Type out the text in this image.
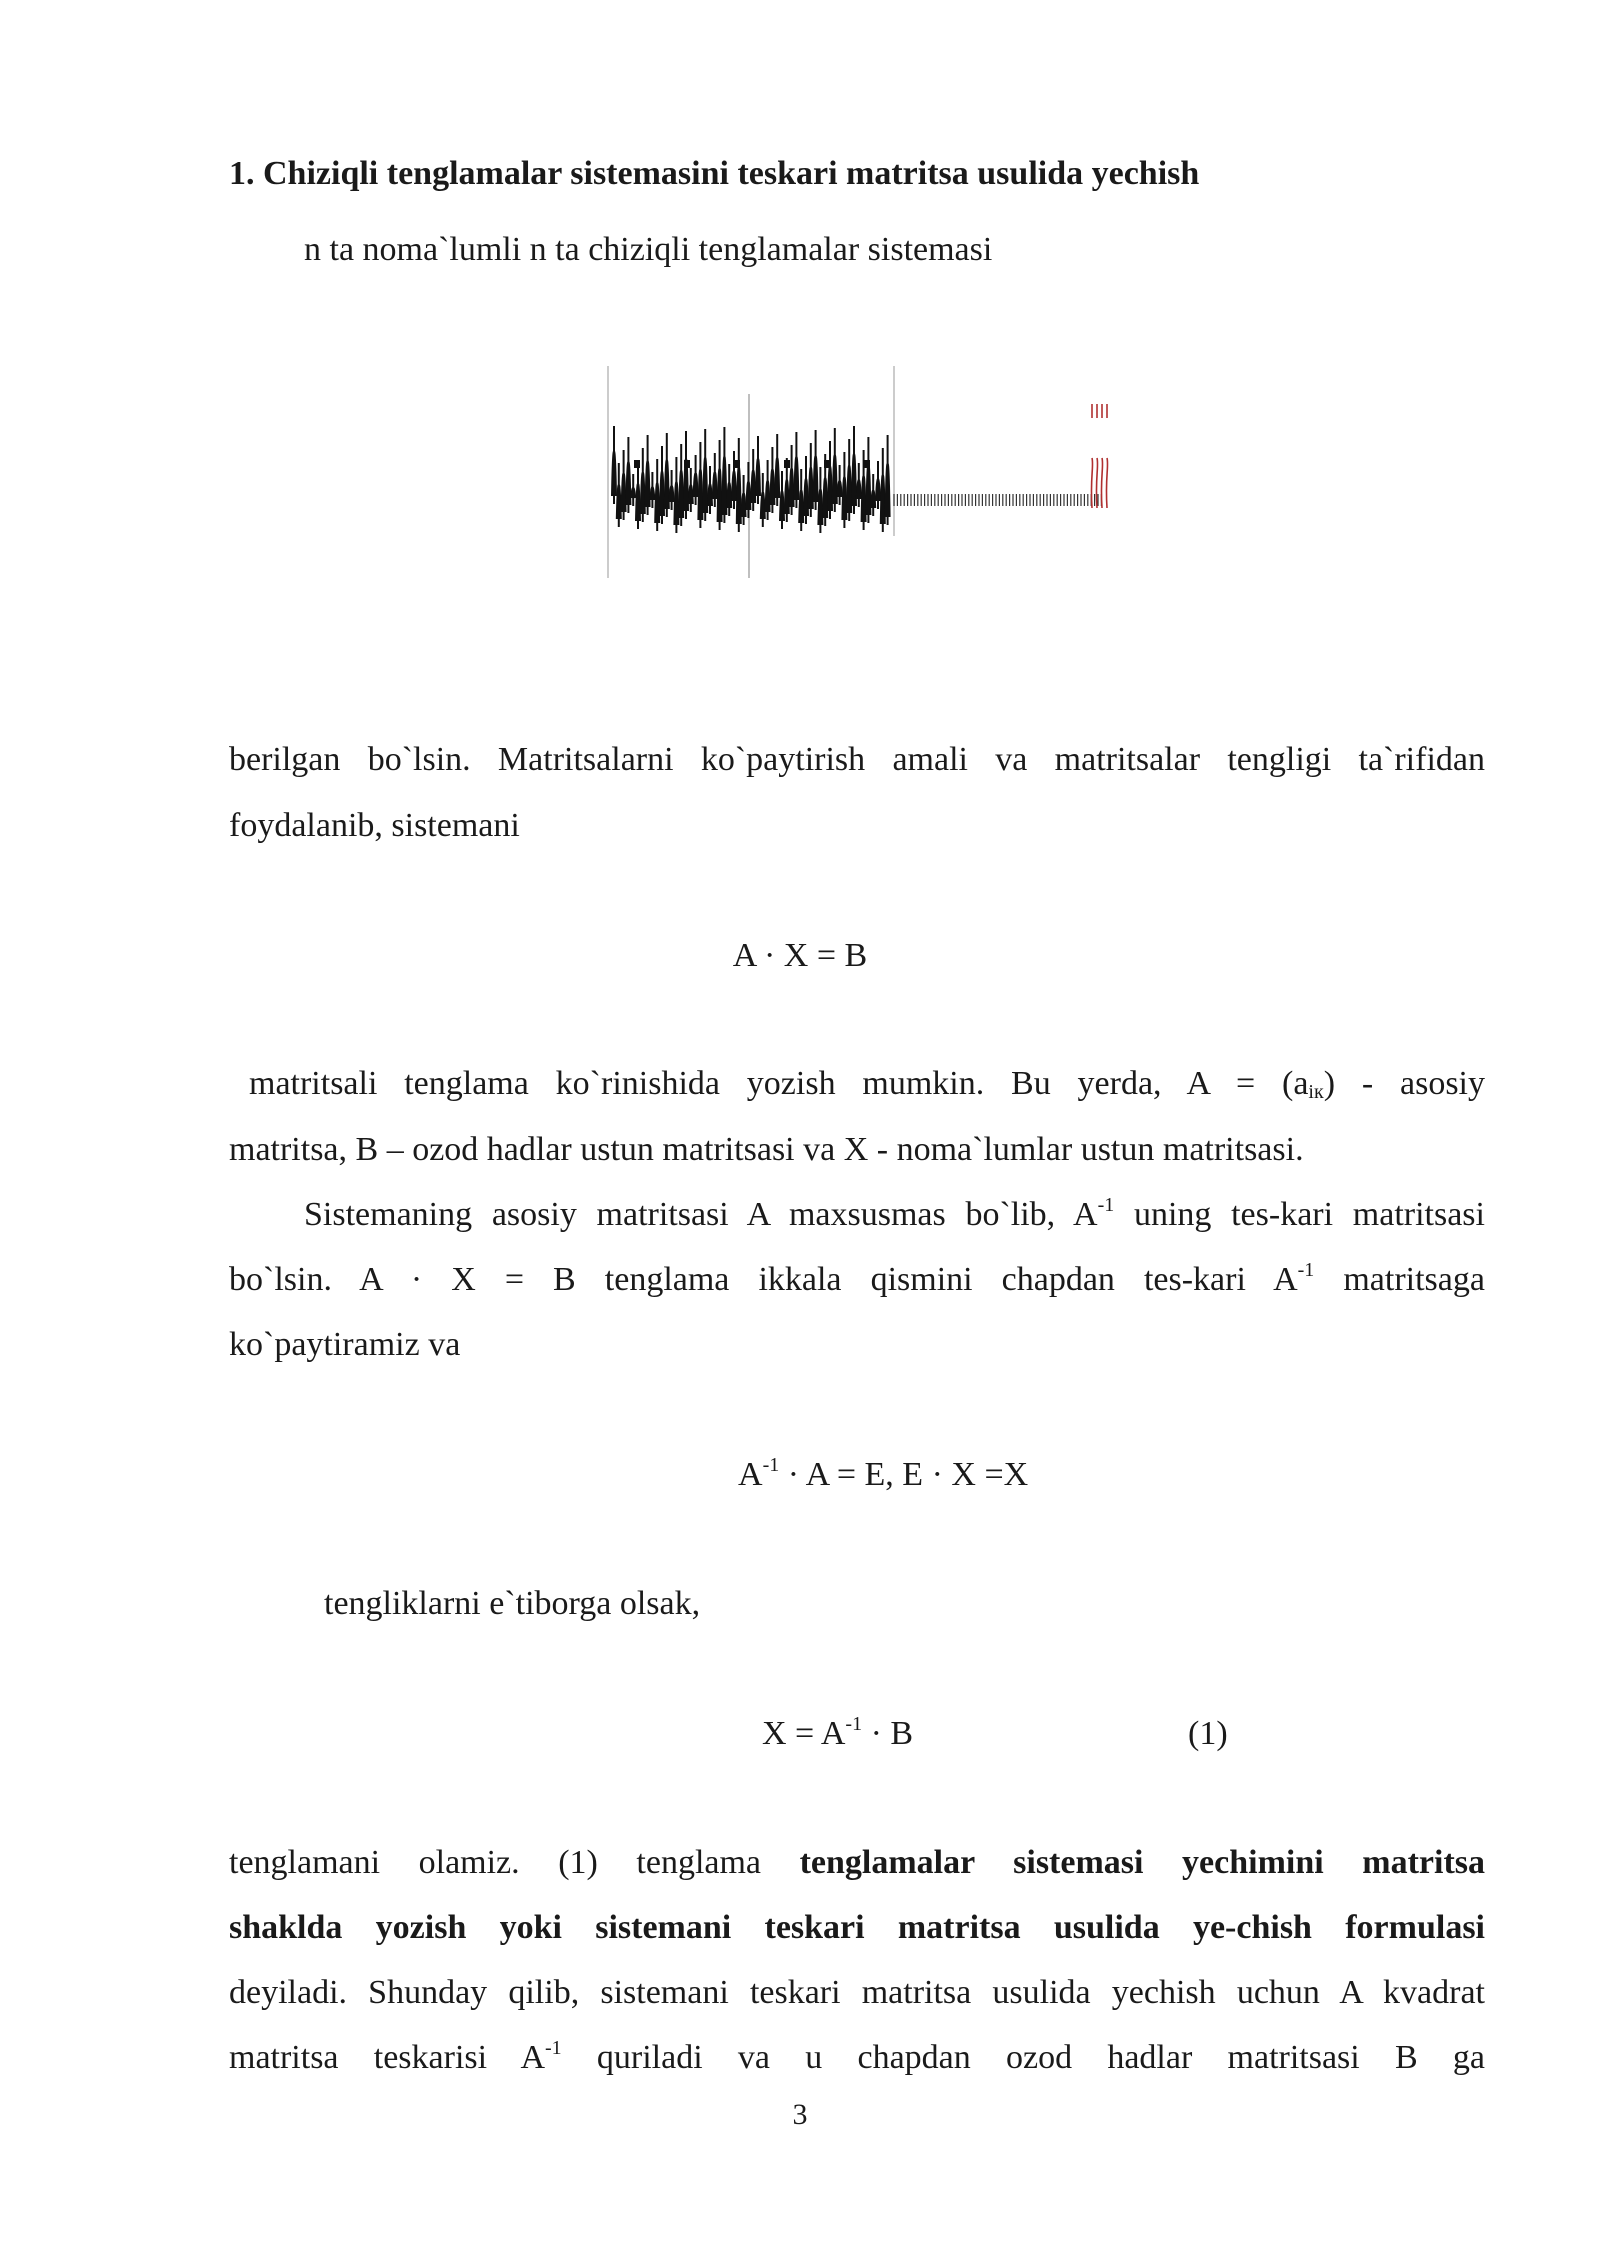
1. Chiziqli tenglamalar sistemasini teskari matritsa usulida yechish
n ta noma`lumli n ta chiziqli tenglamalar sistemasi
berilgan bo`lsin. Matritsalarni ko`paytirish amali va matritsalar tengligi ta`rifidan
foydalanib, sistemani
A · X = B
matritsali tenglama ko`rinishida yozish mumkin. Bu yerda, $A = (a_{iк})$ - asosiy
matritsa, B – ozod hadlar ustun matritsasi va X - noma`lumlar ustun matritsasi.
Sistemaning asosiy matritsasi A maxsusmas bo`lib, $A^{-1}$ uning tes-kari matritsasi
bo`lsin. A · X = B tenglama ikkala qismini chapdan tes-kari $A^{-1}$ matritsaga
ko`paytiramiz va
$A^{-1} \cdot A = E$, E · X =X
tengliklarni e`tiborga olsak,
$X = A^{-1} \cdot B$	(1)
tenglamani olamiz. (1) tenglama tenglamalar sistemasi yechimini matritsa
shakldа yozish yoki sistemani teskari matritsa usulida ye-chish formulasi
deyiladi. Shunday qilib, sistemani teskari matritsa usulida yechish uchun A kvadrat
matritsa teskarisi $A^{-1}$ quriladi va u chapdan ozod hadlar matritsasi B ga
3
